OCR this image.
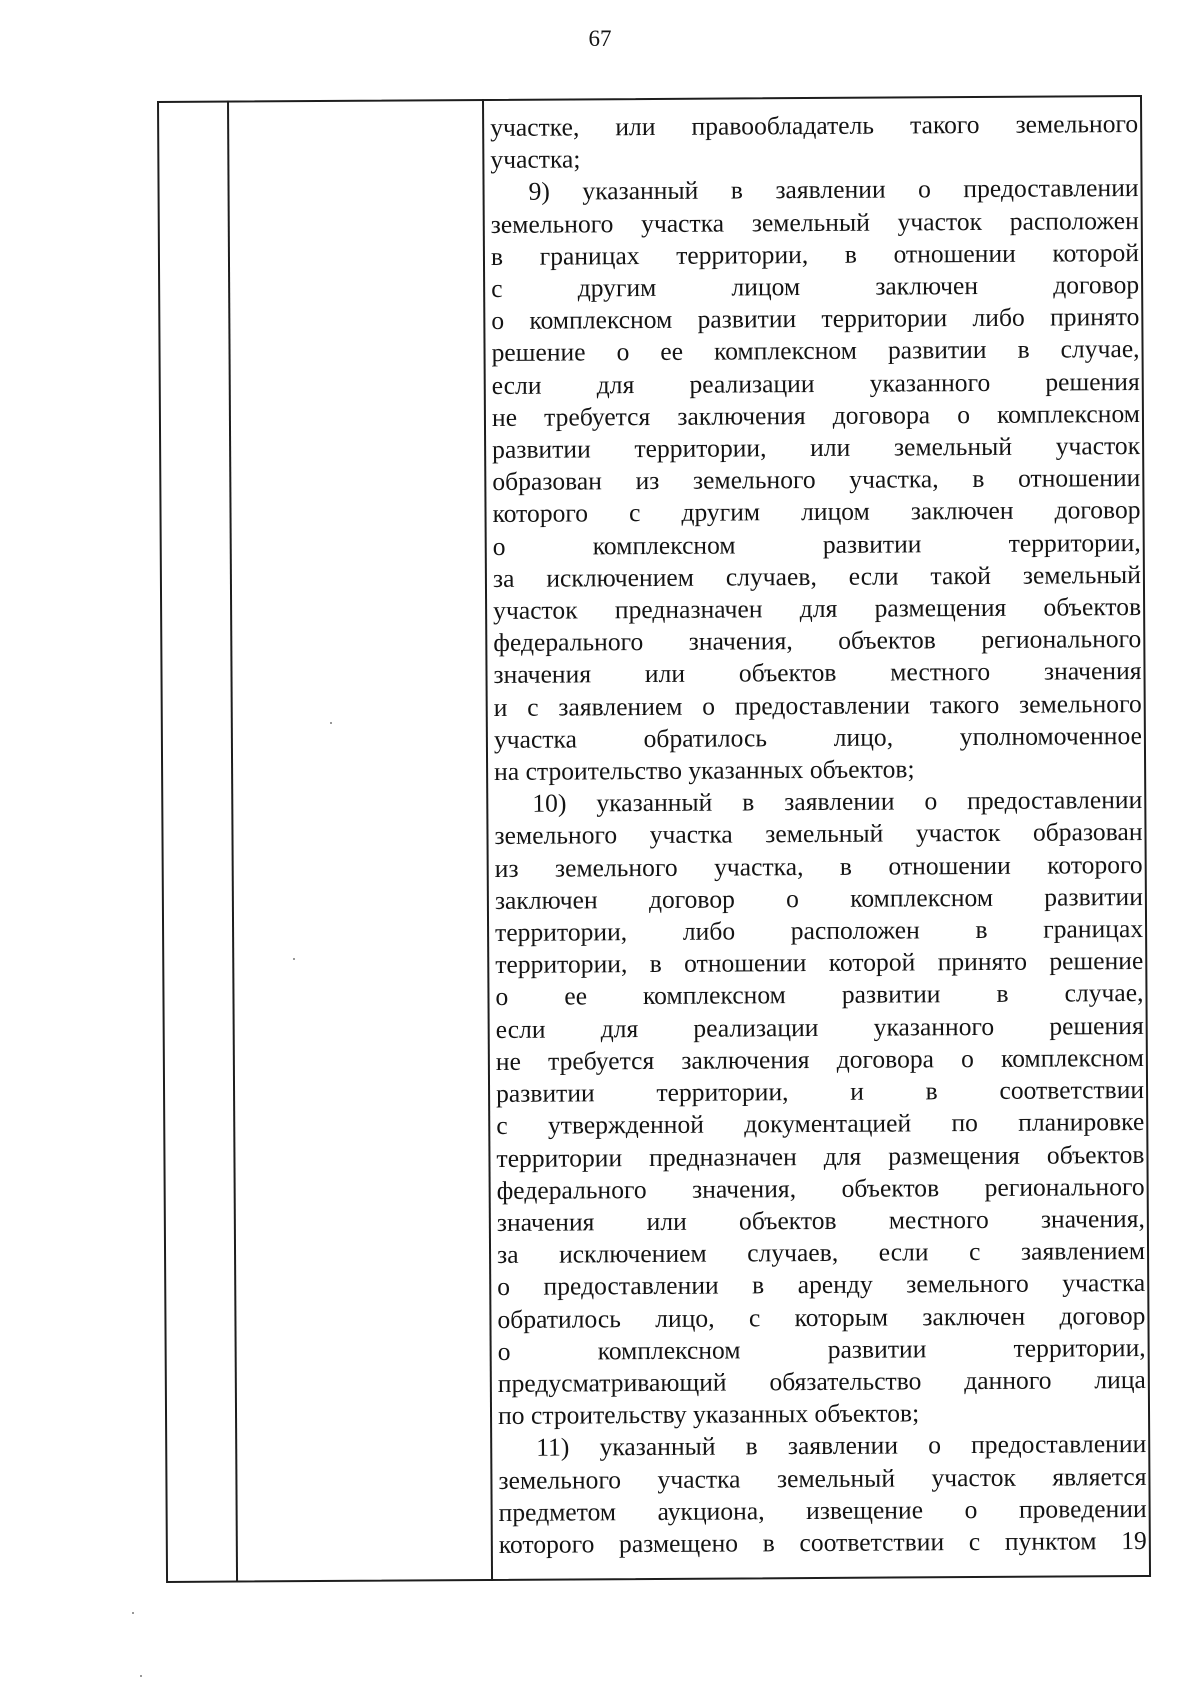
67

участке, или правообладатель такого земельного
участка;

9) указанный в заявлении о предоставлении
земельного участка земельный участок расположен
в границах территории, в отношении которой
с другим лицом заключен договор
о комплексном развитии территории либо принято
решение о ее комплексном развитии в случае,
если для реализации указанного решения
не требуется заключения договора о комплексном
развитии территории, или земельный участок
образован из земельного участка, в отношении
которого с другим лицом заключен договор
о комплексном развитии территории,
за исключением случаев, если такой земельный
участок предназначен для размещения объектов
федерального значения, объектов регионального
значения или объектов местного значения
и с заявлением о предоставлении такого земельного
участка обратилось лицо, уполномоченное
на строительство указанных объектов;

10) указанный в заявлении о предоставлении
земельного участка земельный участок образован
из земельного участка, в отношении которого
заключен договор о комплексном развитии
территории, либо расположен в границах
территории, в отношении которой принято решение
о ее комплексном развитии в случае,
если для реализации указанного решения
не требуется заключения договора о комплексном
развитии территории, и в соответствии
с утвержденной документацией по планировке
территории предназначен для размещения объектов
федерального значения, объектов регионального
значения или объектов местного значения,
за исключением случаев, если с заявлением
о предоставлении в аренду земельного участка
обратилось лицо, с которым заключен договор
о комплексном развитии территории,
предусматривающий обязательство данного лица
по строительству указанных объектов;

11) указанный в заявлении о предоставлении
земельного участка земельный участок является
предметом аукциона, извещение о проведении
которого размещено в соответствии с пунктом 19
